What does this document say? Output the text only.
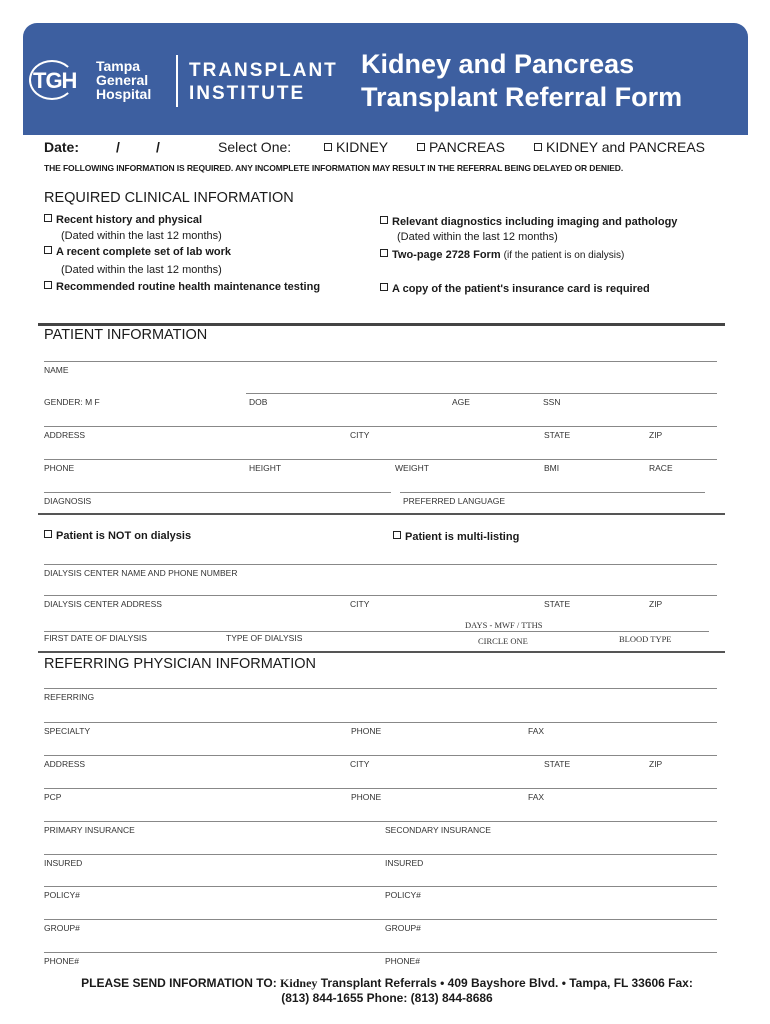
TGH
Tampa
General
Hospital
TRANSPLANT
INSTITUTE
Kidney and Pancreas
Transplant Referral Form
Date:	/	/	Select One:	KIDNEY	PANCREAS	KIDNEY and PANCREAS
THE FOLLOWING INFORMATION IS REQUIRED. ANY INCOMPLETE INFORMATION MAY RESULT IN THE REFERRAL BEING DELAYED OR DENIED.
REQUIRED CLINICAL INFORMATION
Recent history and physical
(Dated within the last 12 months)
A recent complete set of lab work
(Dated within the last 12 months)
Recommended routine health maintenance testing
Relevant diagnostics including imaging and pathology
(Dated within the last 12 months)
Two-page 2728 Form (if the patient is on dialysis)
A copy of the patient's insurance card is required
PATIENT INFORMATION
NAME
GENDER: M F	DOB	AGE	SSN
ADDRESS	CITY	STATE	ZIP
PHONE	HEIGHT	WEIGHT	BMI	RACE
DIAGNOSIS	PREFERRED LANGUAGE
Patient is NOT on dialysis	Patient is multi-listing
DIALYSIS CENTER NAME AND PHONE NUMBER
DIALYSIS CENTER ADDRESS	CITY	STATE	ZIP
DAYS - MWF / TTHS
FIRST DATE OF DIALYSIS	TYPE OF DIALYSIS	CIRCLE ONE	BLOOD TYPE
REFERRING PHYSICIAN INFORMATION
REFERRING
SPECIALTY	PHONE	FAX
ADDRESS	CITY	STATE	ZIP
PCP	PHONE	FAX
PRIMARY INSURANCE	SECONDARY INSURANCE
INSURED	INSURED
POLICY#	POLICY#
GROUP#	GROUP#
PHONE#	PHONE#
PLEASE SEND INFORMATION TO: Kidney Transplant Referrals • 409 Bayshore Blvd. • Tampa, FL 33606 Fax:
(813) 844-1655 Phone: (813) 844-8686
